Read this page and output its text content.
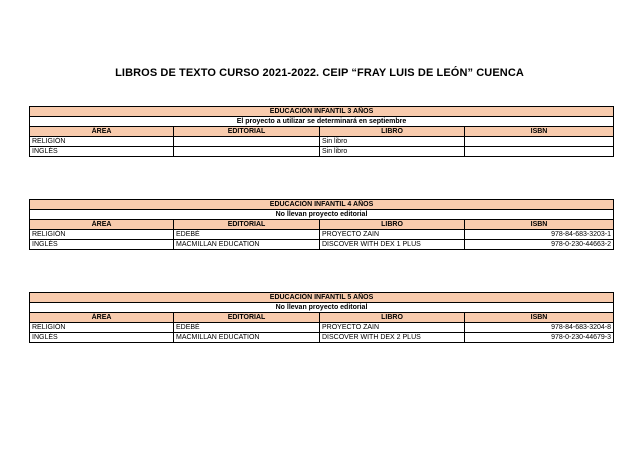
LIBROS DE TEXTO CURSO 2021-2022. CEIP “FRAY LUIS DE LEÓN” CUENCA
EDUCACIÓN INFANTIL 3 AÑOS			
El proyecto a utilizar se determinará en septiembre			
ÁREA	EDITORIAL	LIBRO	ISBN
RELIGIÓN		Sin libro	
INGLÉS		Sin libro	
EDUCACIÓN INFANTIL 4 AÑOS			
No llevan proyecto editorial			
ÁREA	EDITORIAL	LIBRO	ISBN
RELIGIÓN	EDEBÉ	PROYECTO ZAIN	978-84-683-3203-1
INGLÉS	MACMILLAN EDUCATION	DISCOVER WITH DEX 1 PLUS	978-0-230-44663-2
EDUCACIÓN INFANTIL 5 AÑOS			
No llevan proyecto editorial			
ÁREA	EDITORIAL	LIBRO	ISBN
RELIGIÓN	EDEBÉ	PROYECTO ZAIN	978-84-683-3204-8
INGLÉS	MACMILLAN EDUCATION	DISCOVER WITH DEX 2 PLUS	978-0-230-44679-3
